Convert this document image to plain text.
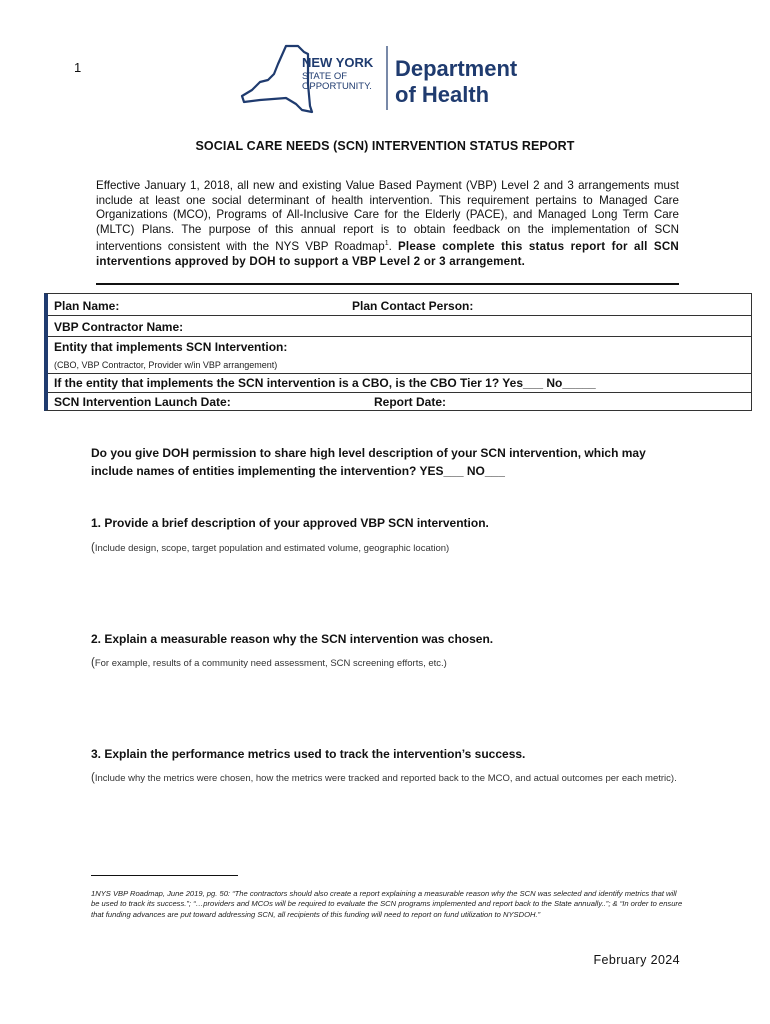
1	NEW YORK
STATE OF
OPPORTUNITY.
Department
of Health
SOCIAL CARE NEEDS (SCN) INTERVENTION STATUS REPORT
Effective January 1, 2018, all new and existing Value Based Payment (VBP) Level 2 and 3 arrangements must include at least one social determinant of health intervention. This requirement pertains to Managed Care Organizations (MCO), Programs of All-Inclusive Care for the Elderly (PACE), and Managed Long Term Care (MLTC) Plans. The purpose of this annual report is to obtain feedback on the implementation of SCN interventions consistent with the NYS VBP Roadmap$^1$. Please complete this status report for all SCN interventions approved by DOH to support a VBP Level 2 or 3 arrangement.
Plan Name:	Plan Contact Person:
VBP Contractor Name:
Entity that implements SCN Intervention:
(CBO, VBP Contractor, Provider w/in VBP arrangement)
If the entity that implements the SCN intervention is a CBO, is the CBO Tier 1? Yes___ No_____
SCN Intervention Launch Date:	Report Date:
Do you give DOH permission to share high level description of your SCN intervention, which may include names of entities implementing the intervention? YES___ NO___
1. Provide a brief description of your approved VBP SCN intervention.
(Include design, scope, target population and estimated volume, geographic location)
2. Explain a measurable reason why the SCN intervention was chosen.
(For example, results of a community need assessment, SCN screening efforts, etc.)
3. Explain the performance metrics used to track the intervention’s success.
(Include why the metrics were chosen, how the metrics were tracked and reported back to the MCO, and actual outcomes per each metric).
1NYS VBP Roadmap, June 2019, pg. 50: “The contractors should also create a report explaining a measurable reason why the SCN was selected and identify metrics that will be used to track its success.”; “…providers and MCOs will be required to evaluate the SCN programs implemented and report back to the State annually..”; & “In order to ensure that funding advances are put toward addressing SCN, all recipients of this funding will need to report on fund utilization to NYSDOH.”
February 2024
